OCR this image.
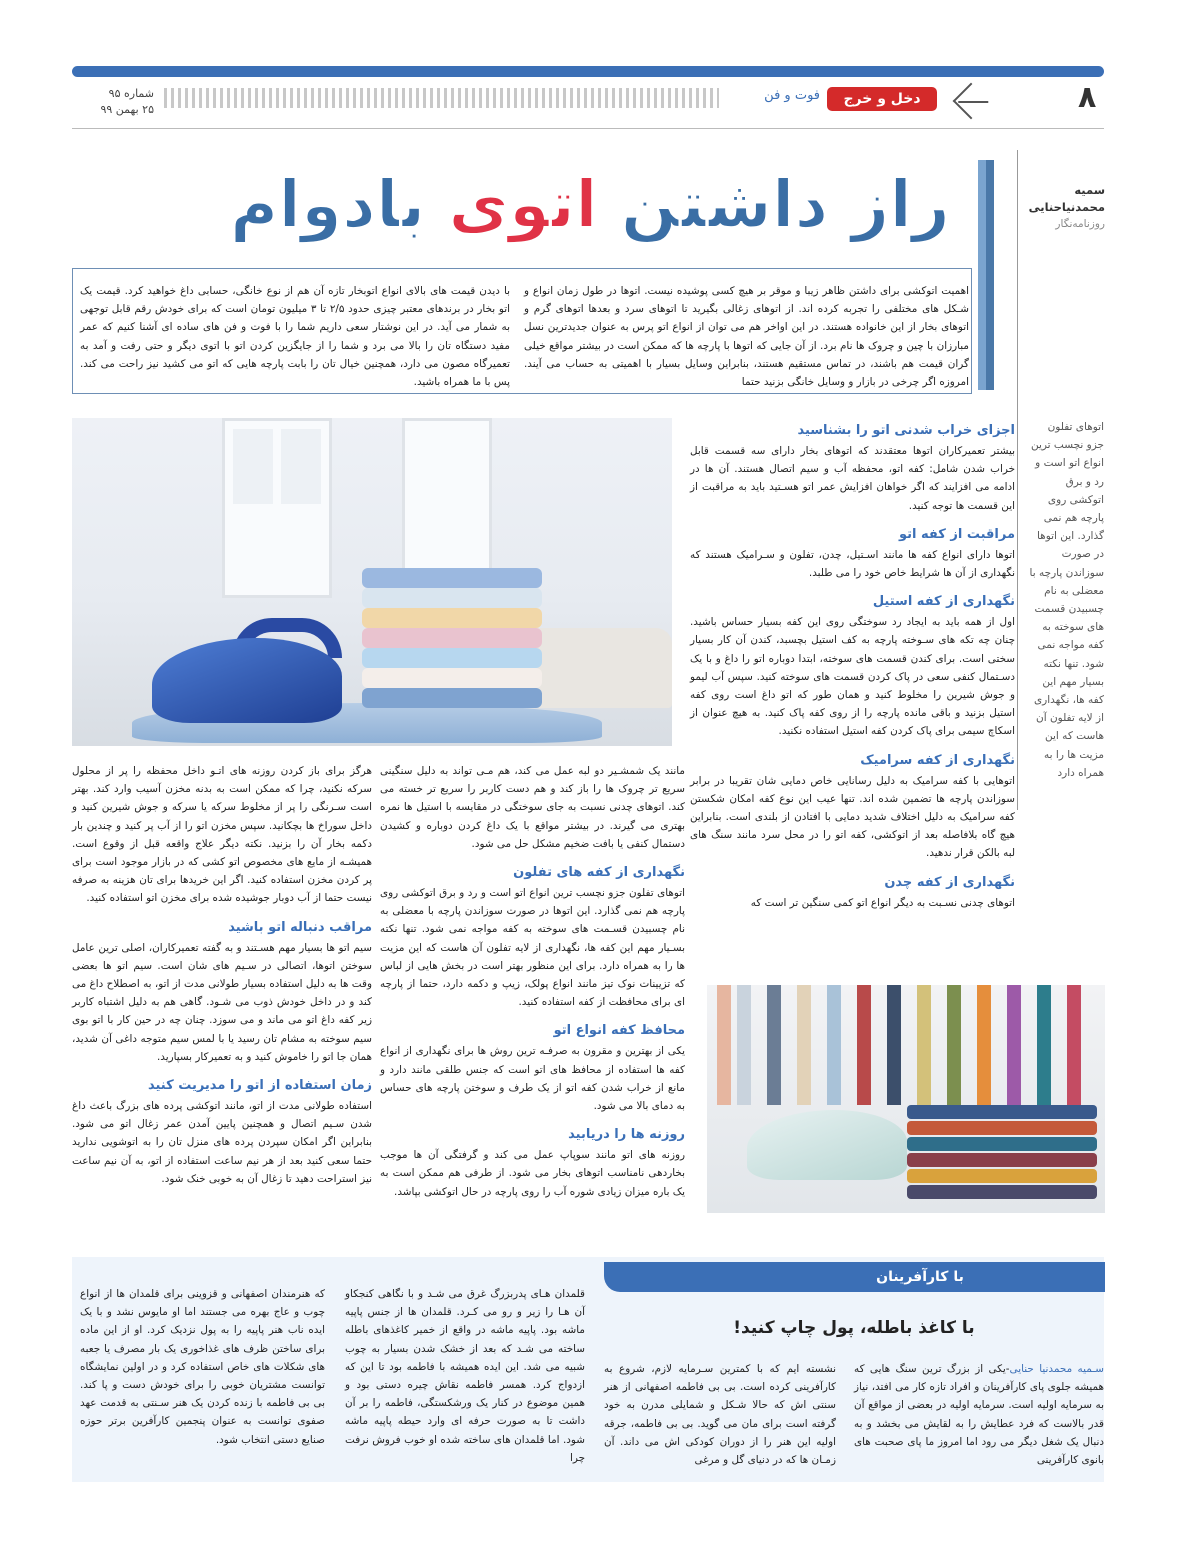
۸
دخل و خرج
فوت و فن
شماره ۹۵
۲۵ بهمن ۹۹
سمیه
محمدنیاحنایی
روزنامه‌نگار
راز داشتن اتوی بادوام

اهمیت اتوکشی برای داشتن ظاهر زیبا و موقر بر هیچ کسی پوشیده نیست. اتوها در طول زمان انواع و شـکل های مختلفی را تجربه کرده اند. از اتوهای زغالی بگیرید تا اتوهای سرد و بعدها اتوهای گرم و اتوهای بخار از این خانواده هستند. در این اواخر هم می توان از انواع اتو پرس به عنوان جدیدترین نسل مبارزان با چین و چروک ها نام برد. از آن جایی که اتوها با پارچه ها که ممکن است در بیشتر مواقع خیلی گران قیمت هم باشند، در تماس مستقیم هستند، بنابراین وسایل بسیار با اهمیتی به حساب می آیند. امروزه اگر چرخی در بازار و وسایل خانگی بزنید حتما

با دیدن قیمت های بالای انواع اتوبخار تازه آن هم از نوع خانگی، حسابی داغ خواهید کرد. قیمت یک اتو بخار در برندهای معتبر چیزی حدود ۲/۵ تا ۳ میلیون تومان است که برای خودش رقم قابل توجهی به شمار می آید. در این نوشتار سعی داریم شما را با فوت و فن های ساده ای آشنا کنیم که عمر مفید دستگاه تان را بالا می برد و شما را از جایگزین کردن اتو با اتوی دیگر و حتی رفت و آمد به تعمیرگاه مصون می دارد، همچنین خیال تان را بابت پارچه هایی که اتو می کشید نیز راحت می کند. پس با ما همراه باشید.

اتوهای تفلون جزو نچسب ترین انواع اتو است و رد و برق اتوکشی روی پارچه هم نمی گذارد. این اتوها در صورت سوزاندن پارچه با معضلی به نام چسبیدن قسمت های سوخته به کفه مواجه نمی شود. تنها نکته بسیار مهم این کفه ها، نگهداری از لایه تفلون آن هاست که این مزیت ها را به همراه دارد
اجزای خراب شدنی اتو را بشناسید

بیشتر تعمیرکاران اتوها معتقدند که اتوهای بخار دارای سه قسمت قابل خراب شدن شامل: کفه اتو، محفظه آب و سیم اتصال هستند. آن ها در ادامه می افزایند که اگر خواهان افزایش عمر اتو هسـتید باید به مراقبت از این قسمت ها توجه کنید.

مراقبت از کفه اتو

اتوها دارای انواع کفه ها مانند اسـتیل، چدن، تفلون و سـرامیک هستند که نگهداری از آن ها شرایط خاص خود را می طلبد.

نگهداری از کفه استیل

اول از همه باید به ایجاد رد سوختگی روی این کفه بسیار حساس باشید. چنان چه تکه های سـوخته پارچه به کف استیل بچسبد، کندن آن کار بسیار سختی است. برای کندن قسمت های سوخته، ابتدا دوباره اتو را داغ و با یک دسـتمال کنفی سعی در پاک کردن قسمت های سوخته کنید. سپس آب لیمو و جوش شیرین را مخلوط کنید و همان طور که اتو داغ است روی کفه استیل بزنید و باقی مانده پارچه را از روی کفه پاک کنید. به هیچ عنوان از اسکاچ سیمی برای پاک کردن کفه استیل استفاده نکنید.

نگهداری از کفه سرامیک

اتوهایی با کفه سرامیک به دلیل رسانایی خاص دمایی شان تقریبا در برابر سوزاندن پارچه ها تضمین شده اند. تنها عیب این نوع کفه امکان شکستن کفه سرامیک به دلیل اختلاف شدید دمایی با افتادن از بلندی است. بنابراین هیچ گاه بلافاصله بعد از اتوکشی، کفه اتو را در محل سرد مانند سنگ های لبه بالکن قرار ندهید.

نگهداری از کفه چدن

اتوهای چدنی نسـبت به دیگر انواع اتو کمی سنگین تر است که

مانند یک شمشـیر دو لبه عمل می کند، هم مـی تواند به دلیل سنگینی سریع تر چروک ها را باز کند و هم دست کاربر را سریع تر خسته می کند. اتوهای چدنی نسبت به جای سوختگی در مقایسه با استیل ها نمره بهتری می گیرند. در بیشتر مواقع با یک داغ کردن دوباره و کشیدن دستمال کنفی یا بافت ضخیم مشکل حل می شود.

نگهداری از کفه های تفلون

اتوهای تفلون جزو نچسب ترین انواع اتو است و رد و برق اتوکشی روی پارچه هم نمی گذارد. این اتوها در صورت سوزاندن پارچه با معضلی به نام چسبیدن قسـمت های سوخته به کفه مواجه نمی شود. تنها نکته بسـیار مهم این کفه ها، نگهداری از لایه تفلون آن هاست که این مزیت ها را به همراه دارد. برای این منظور بهتر است در بخش هایی از لباس که تزیینات نوک تیز مانند انواع پولک، زیپ و دکمه دارد، حتما از پارچه ای برای محافظت از کفه استفاده کنید.

محافظ کفه انواع اتو

یکی از بهترین و مقرون به صرفـه ترین روش ها برای نگهداری از انواع کفه ها استفاده از محافظ های اتو است که جنس طلقی مانند دارد و مانع از خراب شدن کفه اتو از یک طرف و سوختن پارچه های حساس به دمای بالا می شود.

روزنه ها را دریابید

روزنه های اتو مانند سوپاپ عمل می کند و گرفتگی آن ها موجب بخاردهی نامناسب اتوهای بخار می شود. از طرفی هم ممکن است به یک باره میزان زیادی شوره آب را روی پارچه در حال اتوکشی بپاشد.

هرگز برای باز کردن روزنه های اتـو داخل محفظه را پر از محلول سرکه نکنید، چرا که ممکن است به بدنه مخزن آسیب وارد کند. بهتر است سـرنگی را پر از مخلوط سرکه یا سرکه و جوش شیرین کنید و داخل سوراخ ها بچکانید. سپس مخزن اتو را از آب پر کنید و چندین بار دکمه بخار آن را بزنید. نکته دیگر علاج واقعه قبل از وقوع است. همیشـه از مایع های مخصوص اتو کشی که در بازار موجود است برای پر کردن مخزن استفاده کنید. اگر این خریدها برای تان هزینه به صرفه نیست حتما از آب دوبار جوشیده شده برای مخزن اتو استفاده کنید.

مراقب دنباله اتو باشید

سیم اتو ها بسیار مهم هسـتند و به گفته تعمیرکاران، اصلی ترین عامل سوختن اتوها، اتصالی در سـیم های شان است. سیم اتو ها بعضی وقت ها به دلیل استفاده بسیار طولانی مدت از اتو، به اصطلاح داغ می کند و در داخل خودش ذوب می شـود. گاهی هم به دلیل اشتباه کاربر زیر کفه داغ اتو می ماند و می سوزد. چنان چه در حین کار با اتو بوی سیم سوخته به مشام تان رسید یا با لمس سیم متوجه داغی آن شدید، همان جا اتو را خاموش کنید و به تعمیرکار بسپارید.

زمان استفاده از اتو را مدیریت کنید

استفاده طولانی مدت از اتو، مانند اتوکشی پرده های بزرگ باعث داغ شدن سـیم اتصال و همچنین پایین آمدن عمر زغال اتو می شود. بنابراین اگر امکان سپردن پرده های منزل تان را به اتوشویی ندارید حتما سعی کنید بعد از هر نیم ساعت استفاده از اتو، به آن نیم ساعت نیز استراحت دهید تا زغال آن به خوبی خنک شود.

با کارآفرینان
با کاغذ باطله، پول چاپ کنید!

سـمیه محمدنیا حنایی-یکی از بزرگ ترین سنگ هایی که همیشه جلوی پای کارآفرینان و افراد تازه کار می افتد، نیاز به سرمایه اولیه است. سرمایه اولیه در بعضی از مواقع آن قدر بالاست که فرد عطایش را به لقایش می بخشد و به دنبال یک شغل دیگر می رود اما امروز ما پای صحبت های بانوی کارآفرینی

نشسته ایم که با کمترین سـرمایه لازم، شروع به کارآفرینی کرده است. بی بی فاطمه اصفهانی از هنر سنتی اش که حالا شـکل و شمایلی مدرن به خود گرفته است برای مان می گوید. بی بی فاطمه، جرقه اولیه این هنر را از دوران کودکی اش می داند. آن زمـان ها که در دنیای گل و مرغی

قلمدان هـای پدربزرگ غرق می شـد و با نگاهی کنجکاو آن هـا را زیر و رو می کـرد. قلمدان ها از جنس پاپیه ماشه بود. پاپیه ماشه در واقع از خمیر کاغذهای باطله ساخته می شـد که بعد از خشک شدن بسیار به چوب شبیه می شد. این ایده همیشه با فاطمه بود تا این که ازدواج کرد. همسر فاطمه نقاش چیره دستی بود و همین موضوع در کنار یک ورشکستگی، فاطمه را بر آن داشت تا به صورت حرفه ای وارد حیطه پاپیه ماشه شود. اما قلمدان های ساخته شده او خوب فروش نرفت چرا

که هنرمندان اصفهانی و قزوینی برای قلمدان ها از انواع چوب و عاج بهره می جستند اما او مایوس نشد و با یک ایده ناب هنر پاپیه را به پول نزدیک کرد. او از این ماده برای ساختن ظرف های غذاخوری یک بار مصرف یا جعبه های شکلات های خاص استفاده کرد و در اولین نمایشگاه توانست مشتریان خوبی را برای خودش دست و پا کند. بی بی فاطمه با زنده کردن یک هنر سـنتی به قدمت عهد صفوی توانست به عنوان پنجمین کارآفرین برتر حوزه صنایع دستی انتخاب شود.
